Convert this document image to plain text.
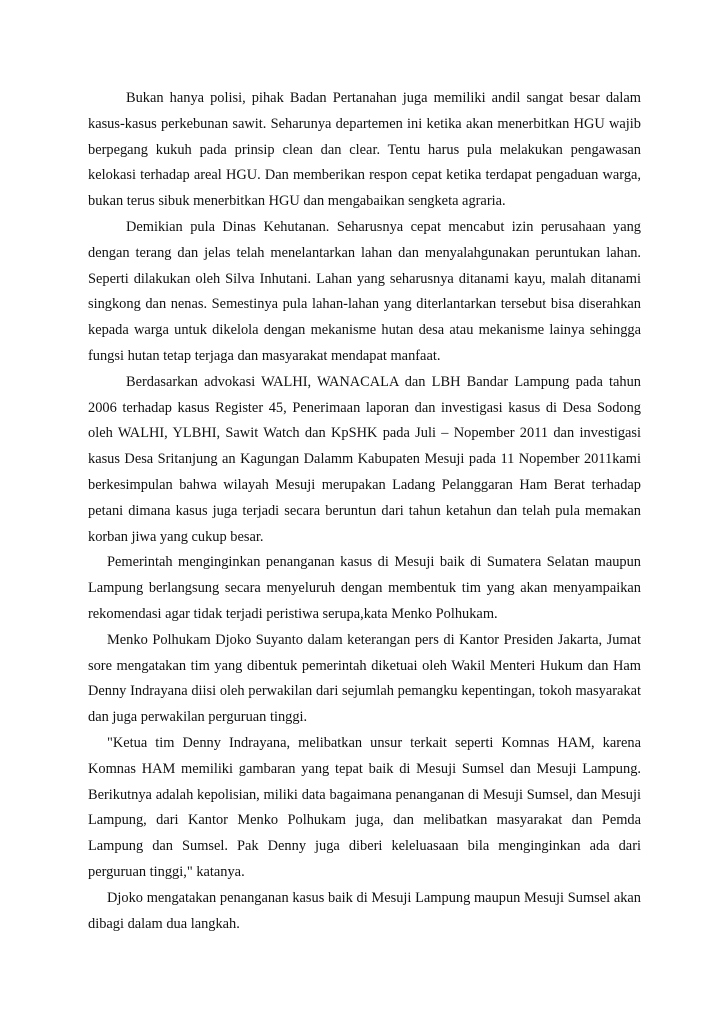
Bukan hanya polisi, pihak Badan Pertanahan juga memiliki andil sangat besar dalam kasus-kasus perkebunan sawit. Seharunya departemen ini ketika akan menerbitkan HGU wajib berpegang kukuh pada prinsip clean dan clear. Tentu harus pula melakukan pengawasan kelokasi terhadap areal HGU. Dan memberikan respon cepat ketika terdapat pengaduan warga, bukan terus sibuk menerbitkan HGU dan mengabaikan sengketa agraria.

Demikian pula Dinas Kehutanan. Seharusnya cepat mencabut izin perusahaan yang dengan terang dan jelas telah menelantarkan lahan dan menyalahgunakan peruntukan lahan. Seperti dilakukan oleh Silva Inhutani. Lahan yang seharusnya ditanami kayu, malah ditanami singkong dan nenas. Semestinya pula lahan-lahan yang diterlantarkan tersebut bisa diserahkan kepada warga untuk dikelola dengan mekanisme hutan desa atau mekanisme lainya sehingga fungsi hutan tetap terjaga dan masyarakat mendapat manfaat.

Berdasarkan advokasi WALHI, WANACALA dan LBH Bandar Lampung pada tahun 2006 terhadap kasus Register 45, Penerimaan laporan dan investigasi kasus di Desa Sodong oleh WALHI, YLBHI, Sawit Watch dan KpSHK pada Juli – Nopember 2011 dan investigasi kasus Desa Sritanjung an Kagungan Dalamm Kabupaten Mesuji pada 11 Nopember 2011kami berkesimpulan bahwa wilayah Mesuji merupakan Ladang Pelanggaran Ham Berat terhadap petani dimana kasus juga terjadi secara beruntun dari tahun ketahun dan telah pula memakan korban jiwa yang cukup besar.

Pemerintah menginginkan penanganan kasus di Mesuji baik di Sumatera Selatan maupun Lampung berlangsung secara menyeluruh dengan membentuk tim yang akan menyampaikan rekomendasi agar tidak terjadi peristiwa serupa,kata Menko Polhukam.

Menko Polhukam Djoko Suyanto dalam keterangan pers di Kantor Presiden Jakarta, Jumat sore mengatakan tim yang dibentuk pemerintah diketuai oleh Wakil Menteri Hukum dan Ham Denny Indrayana diisi oleh perwakilan dari sejumlah pemangku kepentingan, tokoh masyarakat dan juga perwakilan perguruan tinggi.

"Ketua tim Denny Indrayana, melibatkan unsur terkait seperti Komnas HAM, karena Komnas HAM memiliki gambaran yang tepat baik di Mesuji Sumsel dan Mesuji Lampung. Berikutnya adalah kepolisian, miliki data bagaimana penanganan di Mesuji Sumsel, dan Mesuji Lampung, dari Kantor Menko Polhukam juga, dan melibatkan masyarakat dan Pemda Lampung dan Sumsel. Pak Denny juga diberi keleluasaan bila menginginkan ada dari perguruan tinggi," katanya.

Djoko mengatakan penanganan kasus baik di Mesuji Lampung maupun Mesuji Sumsel akan dibagi dalam dua langkah.
